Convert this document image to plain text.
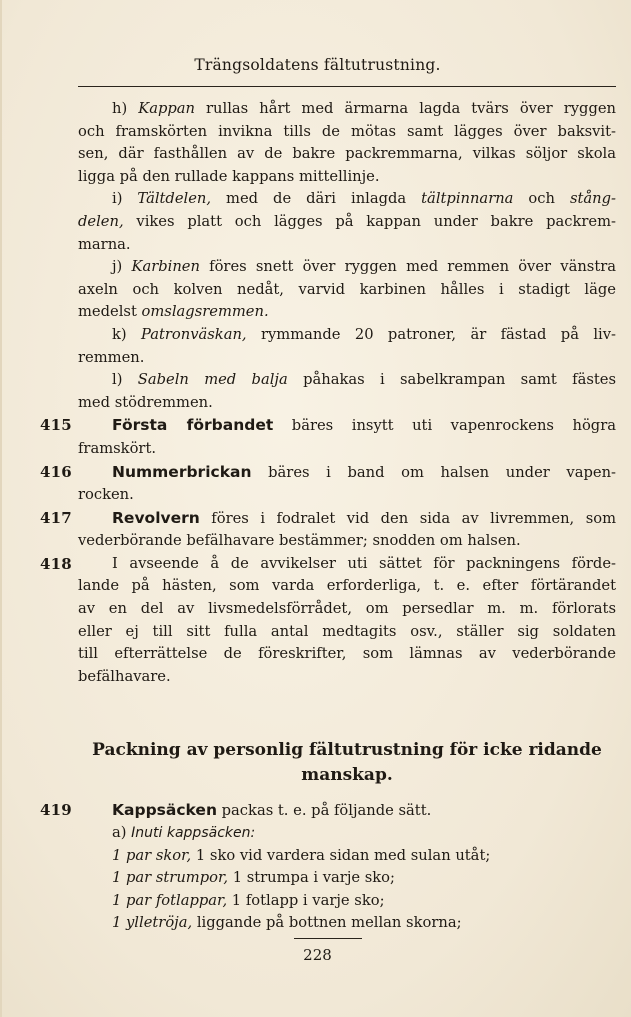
Trängsoldatens fältutrustning.
h) Kappan rullas hårt med ärmarna lagda tvärs över ryggen
och framskörten invikna tills de mötas samt lägges över baksvit-
sen, där fasthållen av de bakre packremmarna, vilkas söljor skola
ligga på den rullade kappans mittellinje.
i) Tältdelen, med de däri inlagda tältpinnarna och stång-
delen, vikes platt och lägges på kappan under bakre packrem-
marna.
j) Karbinen föres snett över ryggen med remmen över vänstra
axeln och kolven nedåt, varvid karbinen hålles i stadigt läge
medelst omslagsremmen.
k) Patronväskan, rymmande 20 patroner, är fästad på liv-
remmen.
l) Sabeln med balja påhakas i sabelkrampan samt fästes
med stödremmen.
415	Första förbandet bäres insytt uti vapenrockens högra
framskört.
416	Nummerbrickan bäres i band om halsen under vapen-
rocken.
417	Revolvern föres i fodralet vid den sida av livremmen, som
vederbörande befälhavare bestämmer; snodden om halsen.
418	I avseende å de avvikelser uti sättet för packningens förde-
lande på hästen, som varda erforderliga, t. e. efter förtärandet
av en del av livsmedelsförrådet, om persedlar m. m. förlorats
eller ej till sitt fulla antal medtagits osv., ställer sig soldaten
till efterrättelse de föreskrifter, som lämnas av vederbörande
befälhavare.
Packning av personlig fältutrustning för icke ridande
manskap.
419	Kappsäcken packas t. e. på följande sätt.
a) Inuti kappsäcken:
1 par skor, 1 sko vid vardera sidan med sulan utåt;
1 par strumpor, 1 strumpa i varje sko;
1 par fotlappar, 1 fotlapp i varje sko;
1 ylletröja, liggande på bottnen mellan skorna;
228
